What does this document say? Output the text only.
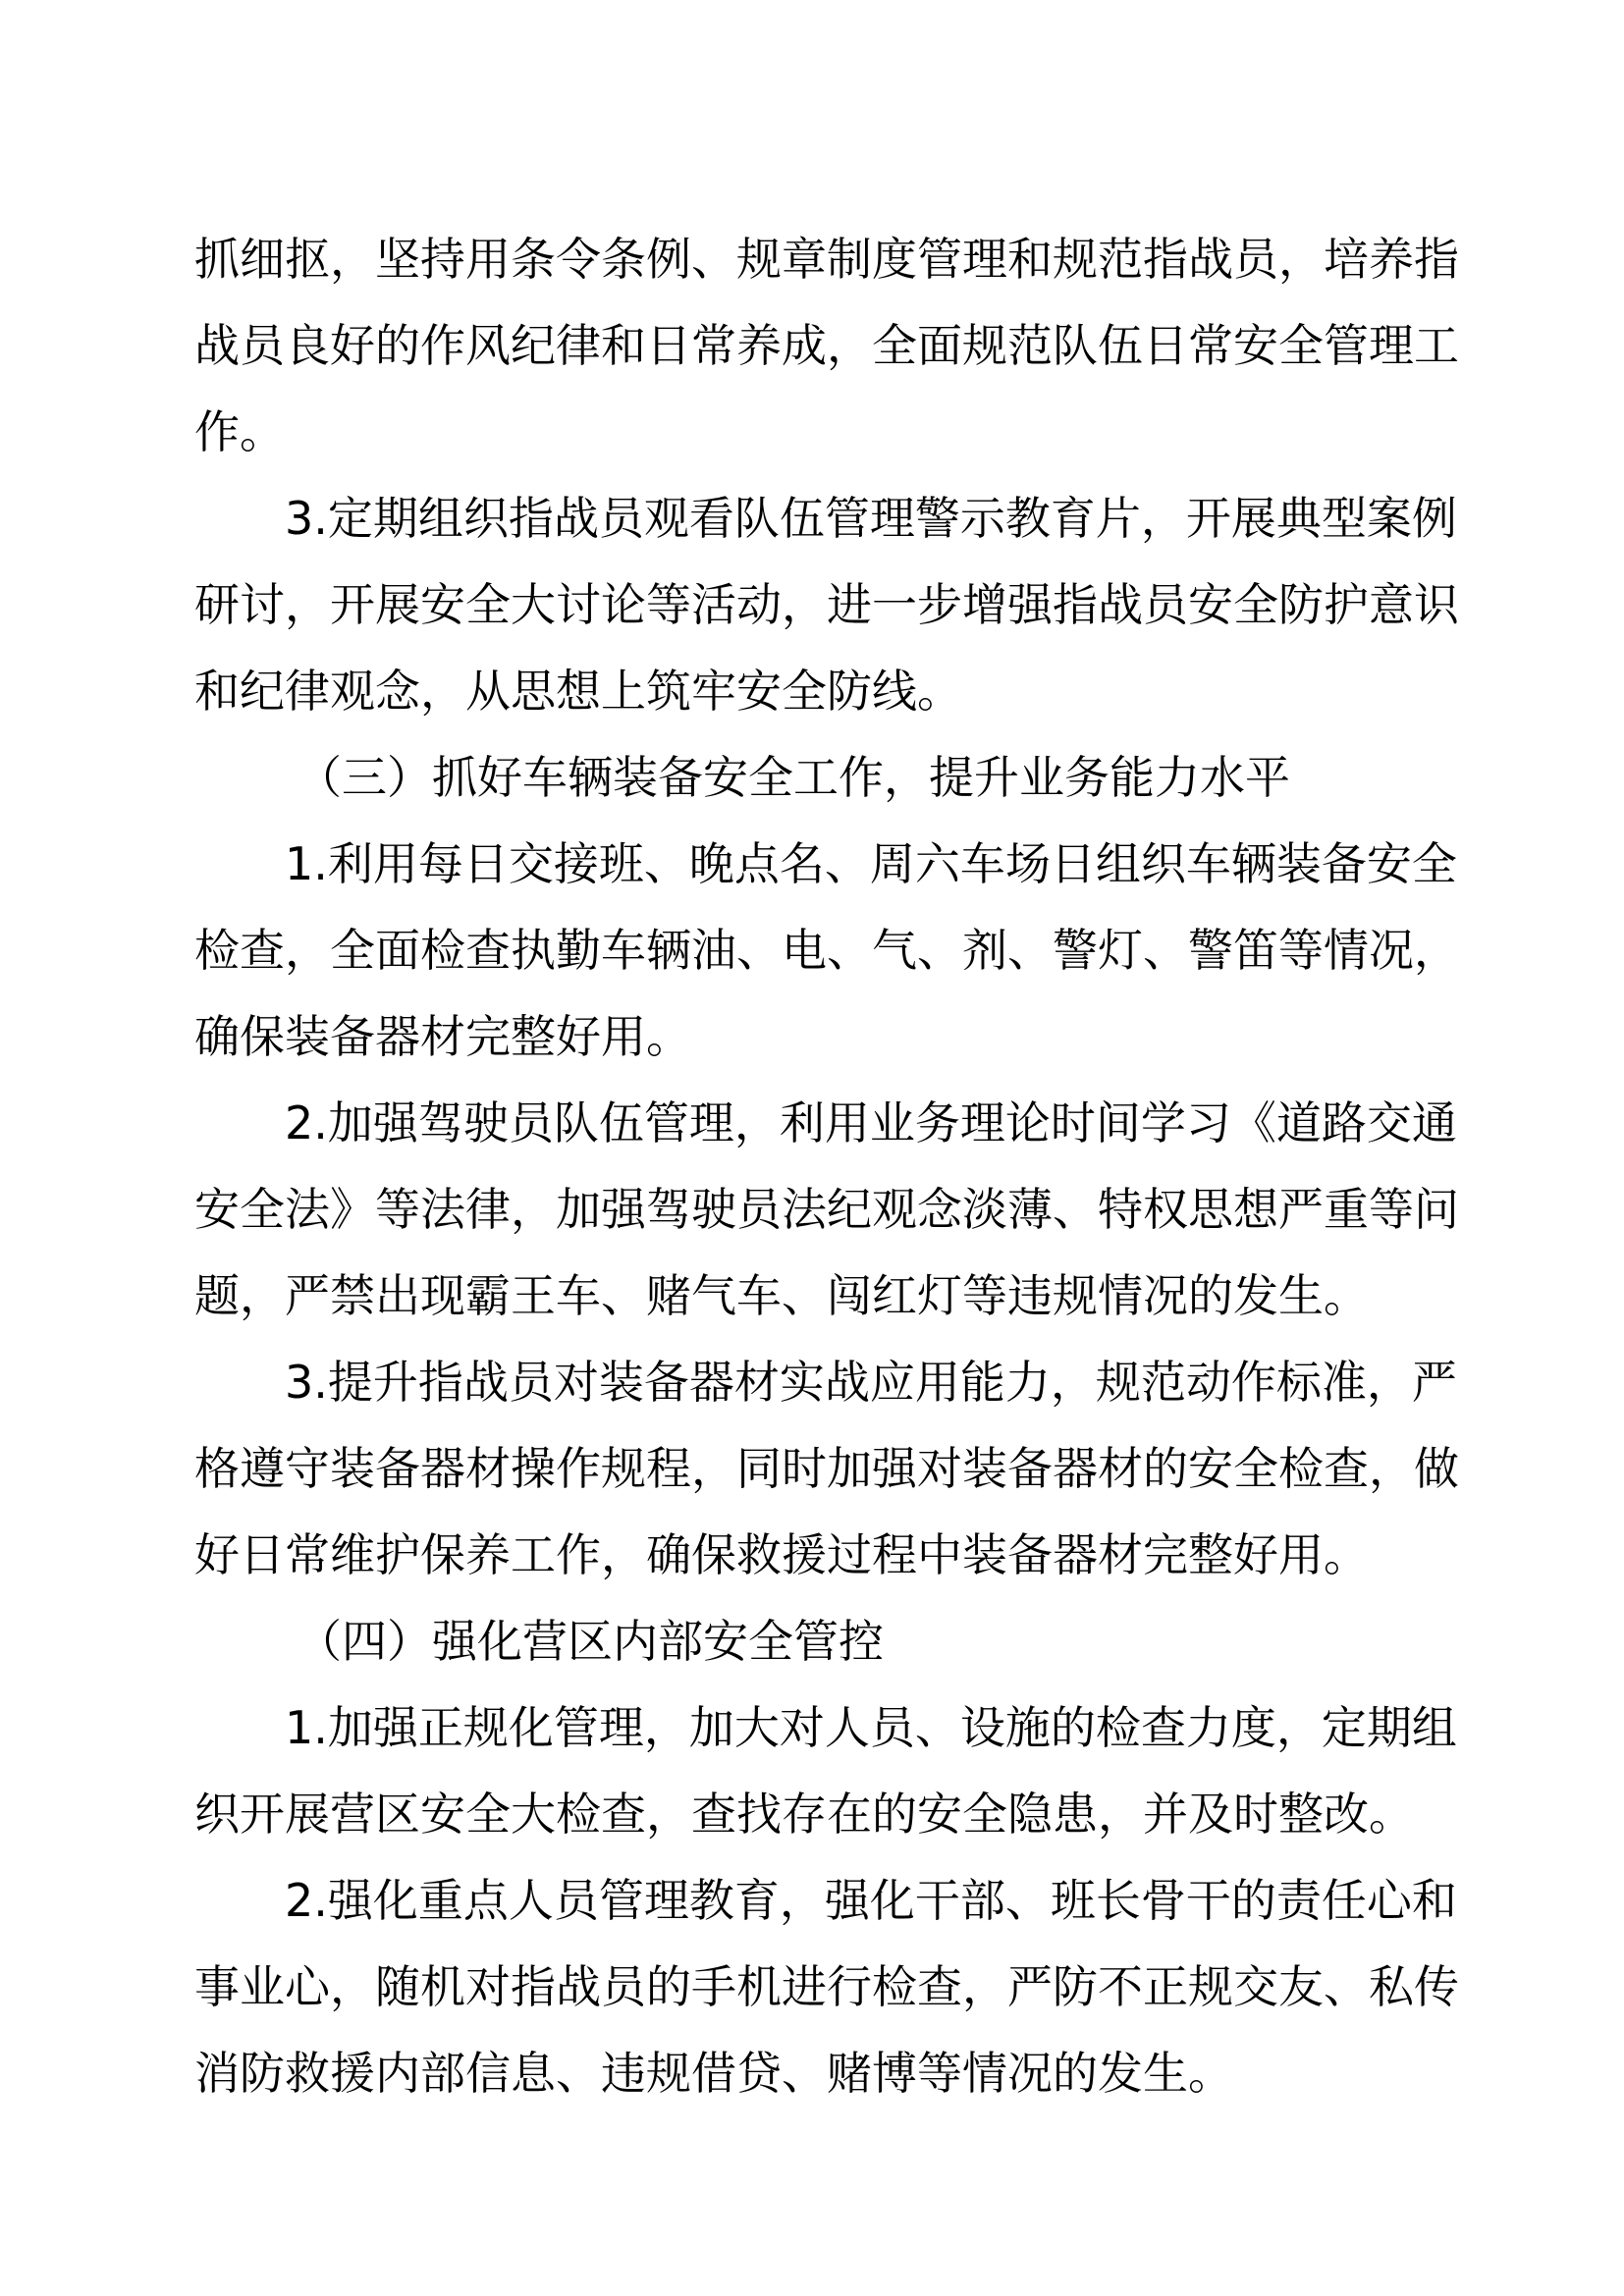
抓细抠，坚持用条令条例、规章制度管理和规范指战员，培养指
战员良好的作风纪律和日常养成，全面规范队伍日常安全管理工
作。
3.定期组织指战员观看队伍管理警示教育片，开展典型案例
研讨，开展安全大讨论等活动，进一步增强指战员安全防护意识
和纪律观念，从思想上筑牢安全防线。
（三）抓好车辆装备安全工作，提升业务能力水平
1.利用每日交接班、晚点名、周六车场日组织车辆装备安全
检查，全面检查执勤车辆油、电、气、剂、警灯、警笛等情况，
确保装备器材完整好用。
2.加强驾驶员队伍管理，利用业务理论时间学习《道路交通
安全法》等法律，加强驾驶员法纪观念淡薄、特权思想严重等问
题，严禁出现霸王车、赌气车、闯红灯等违规情况的发生。
3.提升指战员对装备器材实战应用能力，规范动作标准，严
格遵守装备器材操作规程，同时加强对装备器材的安全检查，做
好日常维护保养工作，确保救援过程中装备器材完整好用。
（四）强化营区内部安全管控
1.加强正规化管理，加大对人员、设施的检查力度，定期组
织开展营区安全大检查，查找存在的安全隐患，并及时整改。
2.强化重点人员管理教育，强化干部、班长骨干的责任心和
事业心，随机对指战员的手机进行检查，严防不正规交友、私传
消防救援内部信息、违规借贷、赌博等情况的发生。
